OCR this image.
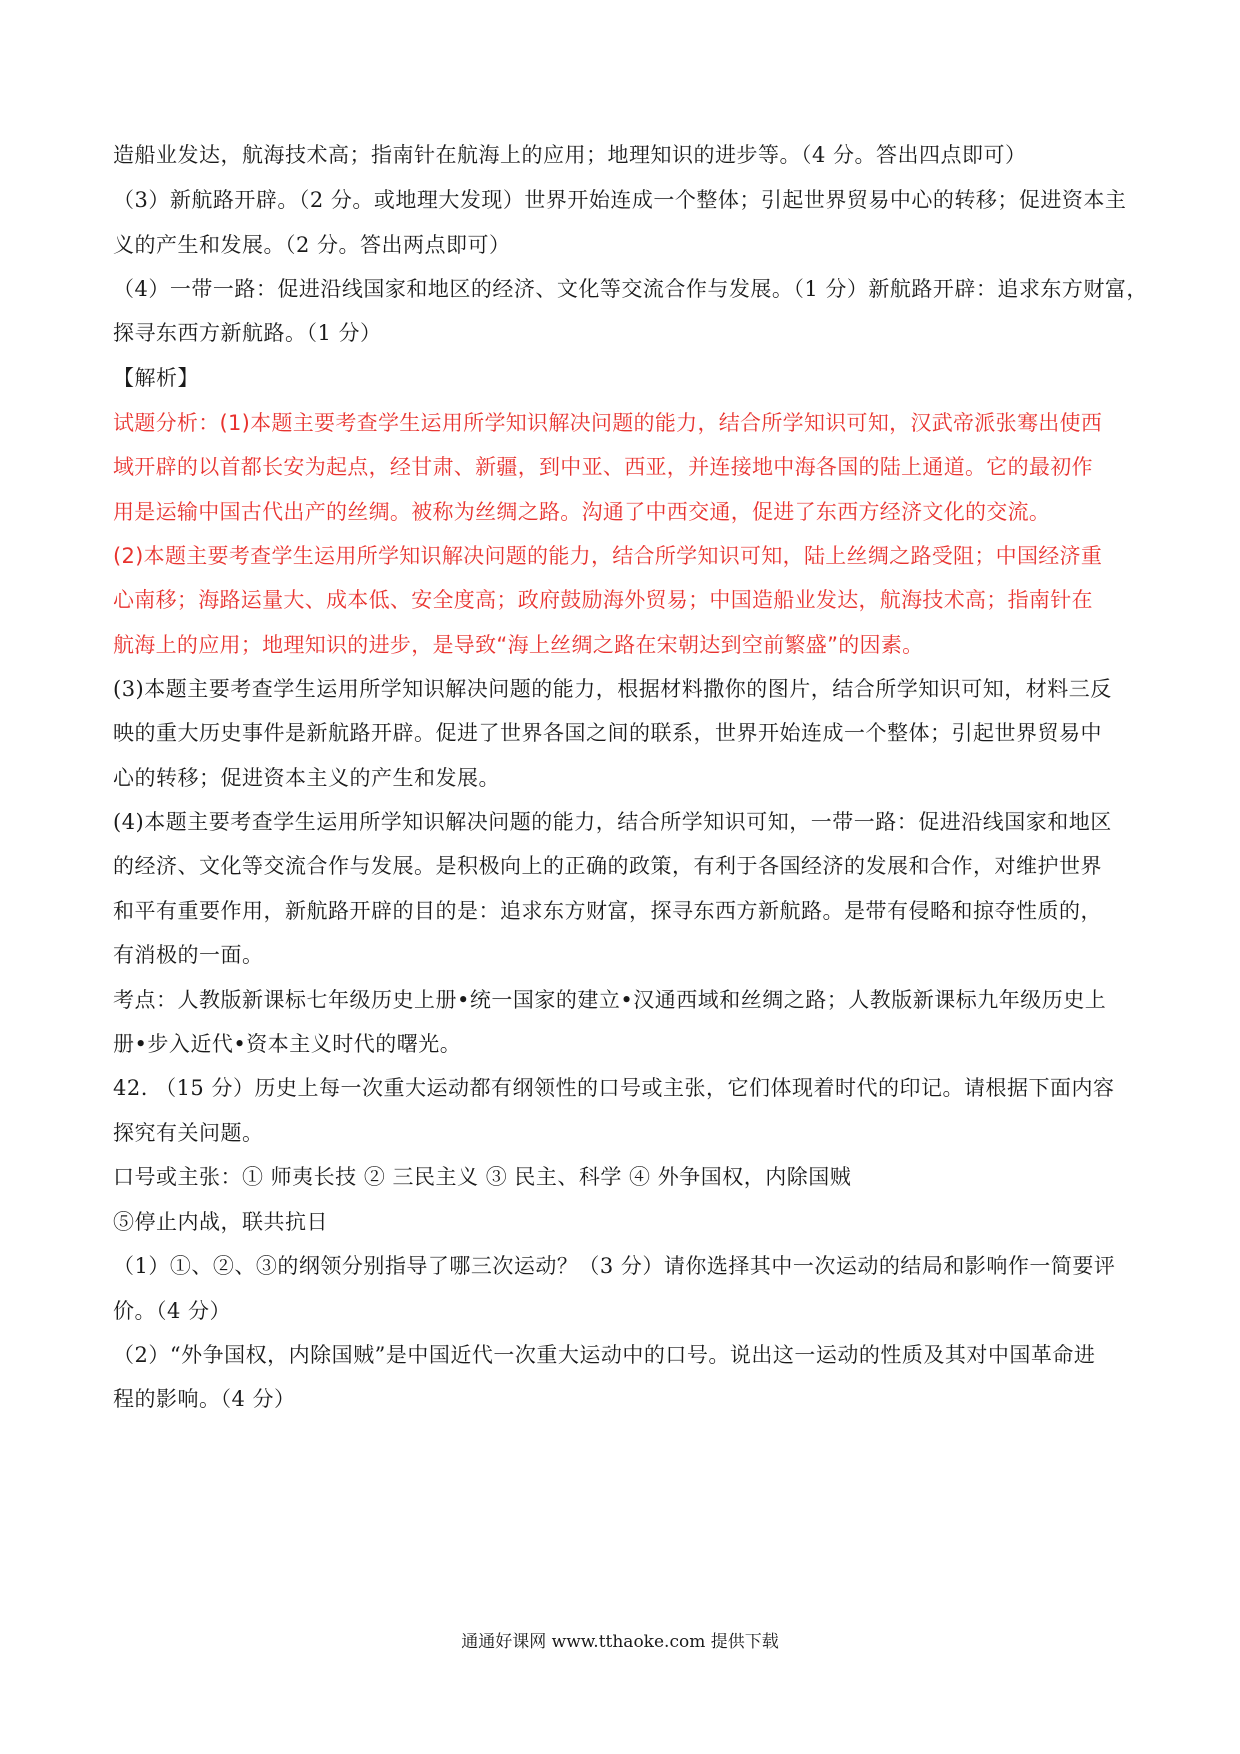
造船业发达，航海技术高；指南针在航海上的应用；地理知识的进步等。（4 分。答出四点即可）
（3）新航路开辟。（2 分。或地理大发现）世界开始连成一个整体；引起世界贸易中心的转移；促进资本主
义的产生和发展。（2 分。答出两点即可）
（4）一带一路：促进沿线国家和地区的经济、文化等交流合作与发展。（1 分）新航路开辟：追求东方财富，
探寻东西方新航路。（1 分）
【解析】
试题分析：(1)本题主要考查学生运用所学知识解决问题的能力，结合所学知识可知，汉武帝派张骞出使西
域开辟的以首都长安为起点，经甘肃、新疆，到中亚、西亚，并连接地中海各国的陆上通道。它的最初作
用是运输中国古代出产的丝绸。被称为丝绸之路。沟通了中西交通，促进了东西方经济文化的交流。
(2)本题主要考查学生运用所学知识解决问题的能力，结合所学知识可知，陆上丝绸之路受阻；中国经济重
心南移；海路运量大、成本低、安全度高；政府鼓励海外贸易；中国造船业发达，航海技术高；指南针在
航海上的应用；地理知识的进步，是导致“海上丝绸之路在宋朝达到空前繁盛”的因素。
(3)本题主要考查学生运用所学知识解决问题的能力，根据材料撒你的图片，结合所学知识可知，材料三反
映的重大历史事件是新航路开辟。促进了世界各国之间的联系，世界开始连成一个整体；引起世界贸易中
心的转移；促进资本主义的产生和发展。
(4)本题主要考查学生运用所学知识解决问题的能力，结合所学知识可知，一带一路：促进沿线国家和地区
的经济、文化等交流合作与发展。是积极向上的正确的政策，有利于各国经济的发展和合作，对维护世界
和平有重要作用，新航路开辟的目的是：追求东方财富，探寻东西方新航路。是带有侵略和掠夺性质的，
有消极的一面。
考点：人教版新课标七年级历史上册•统一国家的建立•汉通西域和丝绸之路；人教版新课标九年级历史上
册•步入近代•资本主义时代的曙光。
42. （15 分）历史上每一次重大运动都有纲领性的口号或主张，它们体现着时代的印记。请根据下面内容
探究有关问题。
口号或主张：① 师夷长技 ② 三民主义 ③ 民主、科学 ④ 外争国权，内除国贼
⑤停止内战，联共抗日
（1）①、②、③的纲领分别指导了哪三次运动？（3 分）请你选择其中一次运动的结局和影响作一简要评
价。（4 分）
（2）“外争国权，内除国贼”是中国近代一次重大运动中的口号。说出这一运动的性质及其对中国革命进
程的影响。（4 分）
通通好课网 www.tthaoke.com 提供下载
